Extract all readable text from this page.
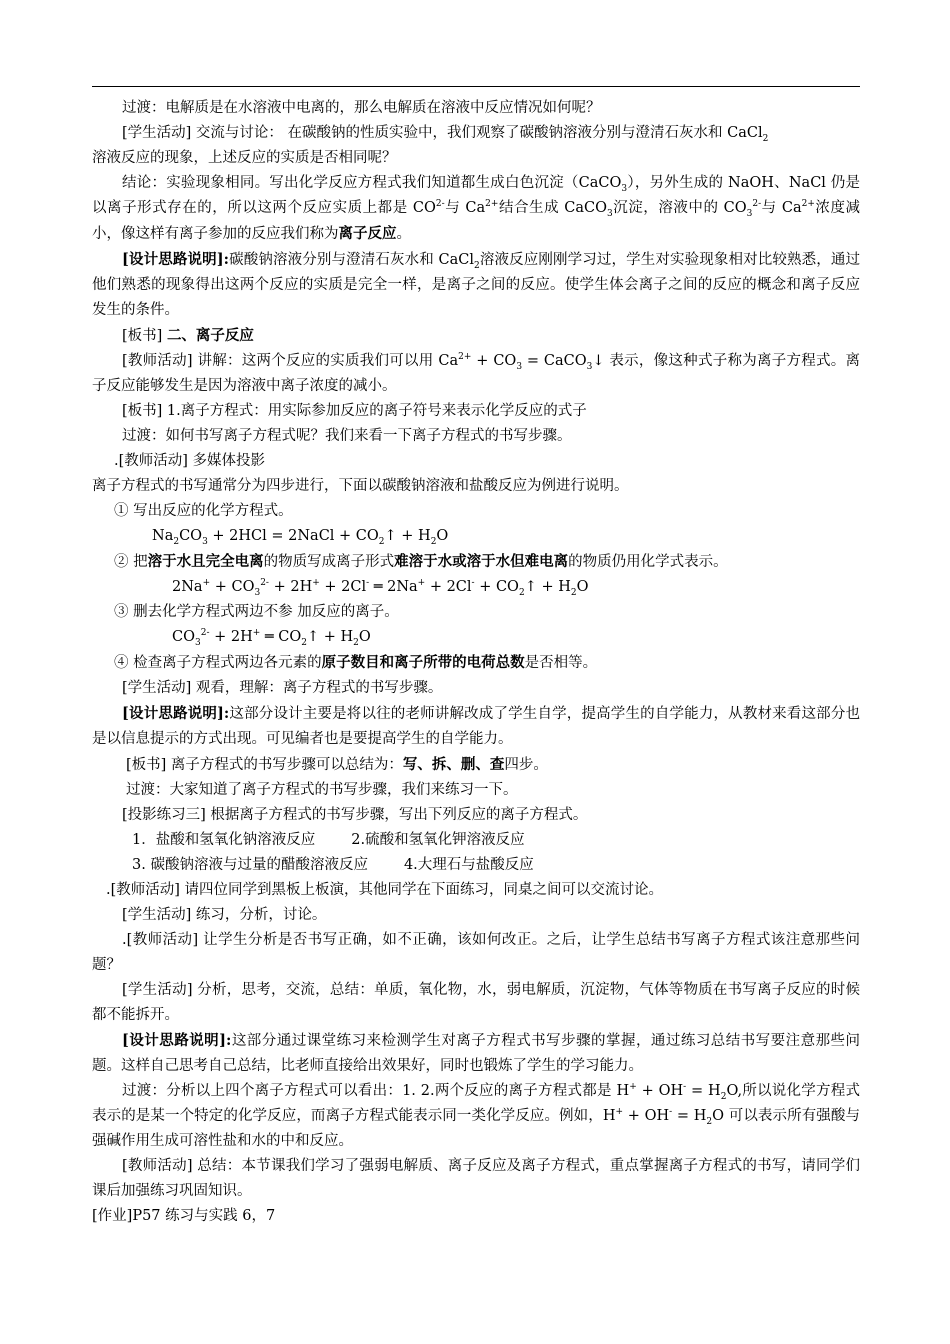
过渡：电解质是在水溶液中电离的，那么电解质在溶液中反应情况如何呢？

[学生活动] 交流与讨论： 在碳酸钠的性质实验中，我们观察了碳酸钠溶液分别与澄清石灰水和 CaCl$_2$
溶液反应的现象，上述反应的实质是否相同呢？

结论：实验现象相同。写出化学反应方程式我们知道都生成白色沉淀（CaCO$_3$），另外生成的 NaOH、NaCl 仍是以离子形式存在的，所以这两个反应实质上都是 $CO^{2-}$与 $Ca^{2+}$结合生成 CaCO$_3$沉淀，溶液中的 $CO_3^{2-}$与 $Ca^{2+}$浓度减小，像这样有离子参加的反应我们称为离子反应。

[设计思路说明]:碳酸钠溶液分别与澄清石灰水和 CaCl$_2$溶液反应刚刚学习过，学生对实验现象相对比较熟悉，通过他们熟悉的现象得出这两个反应的实质是完全一样，是离子之间的反应。使学生体会离子之间的反应的概念和离子反应发生的条件。

[板书] 二、离子反应

[教师活动] 讲解：这两个反应的实质我们可以用 $Ca^{2+} + CO_3$ = CaCO$_3$↓ 表示，像这种式子称为离子方程式。离子反应能够发生是因为溶液中离子浓度的减小。

[板书] 1.离子方程式：用实际参加反应的离子符号来表示化学反应的式子

过渡：如何书写离子方程式呢？我们来看一下离子方程式的书写步骤。

.[教师活动] 多媒体投影

离子方程式的书写通常分为四步进行，下面以碳酸钠溶液和盐酸反应为例进行说明。

① 写出反应的化学方程式。

$Na_2CO_3 + 2HCl$ = 2NaCl + $CO_2↑ + H_2O$

② 把溶于水且完全电离的物质写成离子形式难溶于水或溶于水但难电离的物质仍用化学式表示。

$2Na^+ + CO_3^{2-} + 2H^+ + 2Cl^-$ ═ $2Na^+ + 2Cl^- + CO_2↑ + H_2O$

③ 删去化学方程式两边不参 加反应的离子。

$CO_3^{2-} + 2H^+$ ═ $CO_2↑ + H_2O$

④ 检查离子方程式两边各元素的原子数目和离子所带的电荷总数是否相等。

[学生活动] 观看，理解：离子方程式的书写步骤。

[设计思路说明]:这部分设计主要是将以往的老师讲解改成了学生自学，提高学生的自学能力，从教材来看这部分也是以信息提示的方式出现。可见编者也是要提高学生的自学能力。

[板书] 离子方程式的书写步骤可以总结为：写、拆、删、查四步。

过渡：大家知道了离子方程式的书写步骤，我们来练习一下。

[投影练习三] 根据离子方程式的书写步骤，写出下列反应的离子方程式。

1．盐酸和氢氧化钠溶液反应 2.硫酸和氢氧化钾溶液反应

3. 碳酸钠溶液与过量的醋酸溶液反应 4.大理石与盐酸反应

.[教师活动] 请四位同学到黑板上板演，其他同学在下面练习，同桌之间可以交流讨论。

[学生活动] 练习，分析，讨论。

.[教师活动] 让学生分析是否书写正确，如不正确，该如何改正。之后，让学生总结书写离子方程式该注意那些问题？

[学生活动] 分析，思考，交流，总结：单质，氧化物，水，弱电解质，沉淀物，气体等物质在书写离子反应的时候都不能拆开。

[设计思路说明]:这部分通过课堂练习来检测学生对离子方程式书写步骤的掌握，通过练习总结书写要注意那些问题。这样自己思考自己总结，比老师直接给出效果好，同时也锻炼了学生的学习能力。

过渡：分析以上四个离子方程式可以看出：1. 2.两个反应的离子方程式都是 $H^+ + OH^- = H_2O$,所以说化学方程式表示的是某一个特定的化学反应，而离子方程式能表示同一类化学反应。例如，$H^+ + OH^- = H_2O$ 可以表示所有强酸与强碱作用生成可溶性盐和水的中和反应。

[教师活动] 总结：本节课我们学习了强弱电解质、离子反应及离子方程式，重点掌握离子方程式的书写，请同学们课后加强练习巩固知识。

[作业]P57 练习与实践 6，7
